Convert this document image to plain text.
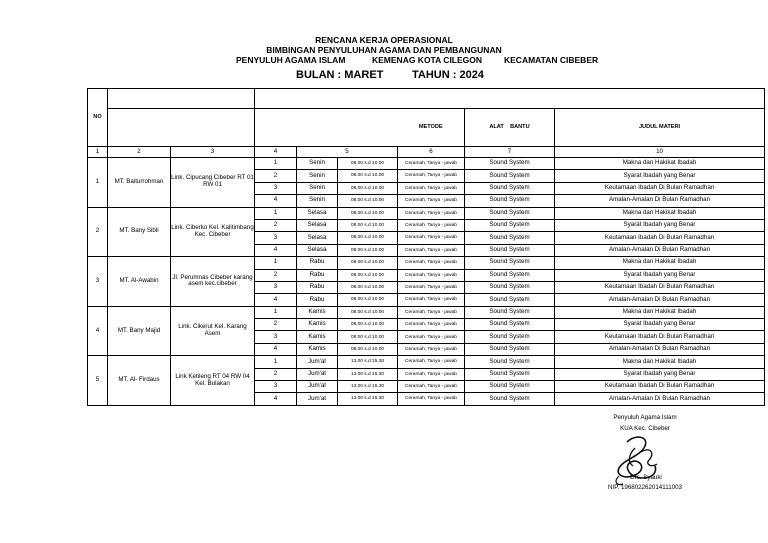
RENCANA KERJA OPERASIONAL
BIMBINGAN PENYULUHAN AGAMA DAN PEMBANGUNAN
PENYULUH AGAMA ISLAM	KEMENAG KOTA CILEGON	KECAMATAN CIBEBER
BULAN : MARET	TAHUN : 2024
NO								
						METODE	ALAT BANTU	JUDUL MATERI
1	2	3	4	5		6	7	10
1	MT. Baiturrohman	Link. Cipucang Cibeber RT 01 RW 01	1	Senin	08.00 s.d 10.00	Ceramah, Tanya - jawab	Sound System	Makna dan Hakikat Ibadah
			2	Senin	08.00 s.d 10.00	Ceramah, Tanya - jawab	Sound System	Syarat Ibadah yang Benar
			3	Senin	08.00 s.d 10.00	Ceramah, Tanya - jawab	Sound System	Keutamaan Ibadah Di Bulan Ramadhan
			4	Senin	08.00 s.d 10.00	Ceramah, Tanya - jawab	Sound System	Amalan-Amalan Di Bulan Ramadhan
2	MT. Bany Sibli	Link. Ciberko Kel. Kalitimbang Kec. Cibeber	1	Selasa	08.00 s.d 10.00	Ceramah, Tanya - jawab	Sound System	Makna dan Hakikat Ibadah
			2	Selasa	08.00 s.d 10.00	Ceramah, Tanya - jawab	Sound System	Syarat Ibadah yang Benar
			3	Selasa	08.00 s.d 10.00	Ceramah, Tanya - jawab	Sound System	Keutamaan Ibadah Di Bulan Ramadhan
			4	Selasa	08.00 s.d 10.00	Ceramah, Tanya - jawab	Sound System	Amalan-Amalan Di Bulan Ramadhan
3	MT. Al-Awabin	Jl. Perumnas Cibeber karang asem kec.cibeber	1	Rabu	08.00 s.d 10.00	Ceramah, Tanya - jawab	Sound System	Makna dan Hakikat Ibadah
			2	Rabu	08.00 s.d 10.00	Ceramah, Tanya - jawab	Sound System	Syarat Ibadah yang Benar
			3	Rabu	08.00 s.d 10.00	Ceramah, Tanya - jawab	Sound System	Keutamaan Ibadah Di Bulan Ramadhan
			4	Rabu	08.00 s.d 10.00	Ceramah, Tanya - jawab	Sound System	Amalan-Amalan Di Bulan Ramadhan
4	MT. Bany Majid	Link. Cikerut Kel. Karang Asem	1	Kamis	08.00 s.d 10.00	Ceramah, Tanya - jawab	Sound System	Makna dan Hakikat Ibadah
			2	Kamis	08.00 s.d 10.00	Ceramah, Tanya - jawab	Sound System	Syarat Ibadah yang Benar
			3	Kamis	08.00 s.d 10.00	Ceramah, Tanya - jawab	Sound System	Keutamaan Ibadah Di Bulan Ramadhan
			4	Kamis	08.00 s.d 10.00	Ceramah, Tanya - jawab	Sound System	Amalan-Amalan Di Bulan Ramadhan
5	MT. Al- Firdaus	Link Ketileng RT 04 RW 04 Kel. Bulakan	1	Jum'at	13.00 s.d 15.30	Ceramah, Tanya - jawab	Sound System	Makna dan Hakikat Ibadah
			2	Jum'at	13.00 s.d 15.30	Ceramah, Tanya - jawab	Sound System	Syarat Ibadah yang Benar
			3	Jum'at	13.00 s.d 15.30	Ceramah, Tanya - jawab	Sound System	Keutamaan Ibadah Di Bulan Ramadhan
			4	Jum'at	13.00 s.d 15.30	Ceramah, Tanya - jawab	Sound System	Amalan-Amalan Di Bulan Ramadhan
Penyuluh Agama Islam
KUA Kec. Cibeber
Drs. Syauki
NIP. 196802262014111003
